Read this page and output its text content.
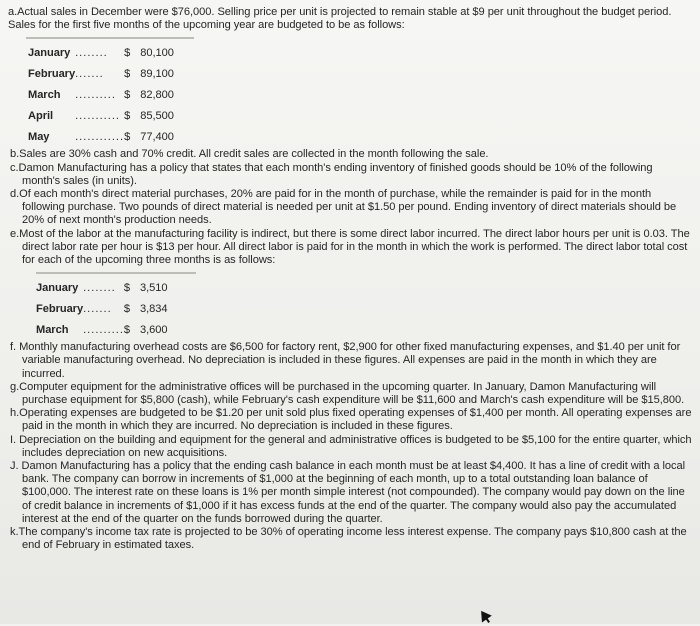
a.Actual sales in December were $76,000. Selling price per unit is projected to remain stable at $9 per unit throughout the budget period. Sales for the first five months of the upcoming year are budgeted to be as follows:

January	........	$	80,100
February	.......	$	89,100
March	..........	$	82,800
April	...........	$	85,500
May	............	$	77,400

b.Sales are 30% cash and 70% credit. All credit sales are collected in the month following the sale.

c.Damon Manufacturing has a policy that states that each month's ending inventory of finished goods should be 10% of the following month's sales (in units).

d.Of each month's direct material purchases, 20% are paid for in the month of purchase, while the remainder is paid for in the month following purchase. Two pounds of direct material is needed per unit at $1.50 per pound. Ending inventory of direct materials should be 20% of next month's production needs.

e.Most of the labor at the manufacturing facility is indirect, but there is some direct labor incurred. The direct labor hours per unit is 0.03. The direct labor rate per hour is $13 per hour. All direct labor is paid for in the month in which the work is performed. The direct labor total cost for each of the upcoming three months is as follows:

January	........	$	3,510
February	.......	$	3,834
March	..........	$	3,600

f. Monthly manufacturing overhead costs are $6,500 for factory rent, $2,900 for other fixed manufacturing expenses, and $1.40 per unit for variable manufacturing overhead. No depreciation is included in these figures. All expenses are paid in the month in which they are incurred.

g.Computer equipment for the administrative offices will be purchased in the upcoming quarter. In January, Damon Manufacturing will purchase equipment for $5,800 (cash), while February's cash expenditure will be $11,600 and March's cash expenditure will be $15,800.

h.Operating expenses are budgeted to be $1.20 per unit sold plus fixed operating expenses of $1,400 per month. All operating expenses are paid in the month in which they are incurred. No depreciation is included in these figures.

I. Depreciation on the building and equipment for the general and administrative offices is budgeted to be $5,100 for the entire quarter, which includes depreciation on new acquisitions.

J. Damon Manufacturing has a policy that the ending cash balance in each month must be at least $4,400. It has a line of credit with a local bank. The company can borrow in increments of $1,000 at the beginning of each month, up to a total outstanding loan balance of $100,000. The interest rate on these loans is 1% per month simple interest (not compounded). The company would pay down on the line of credit balance in increments of $1,000 if it has excess funds at the end of the quarter. The company would also pay the accumulated interest at the end of the quarter on the funds borrowed during the quarter.

k.The company's income tax rate is projected to be 30% of operating income less interest expense. The company pays $10,800 cash at the end of February in estimated taxes.
